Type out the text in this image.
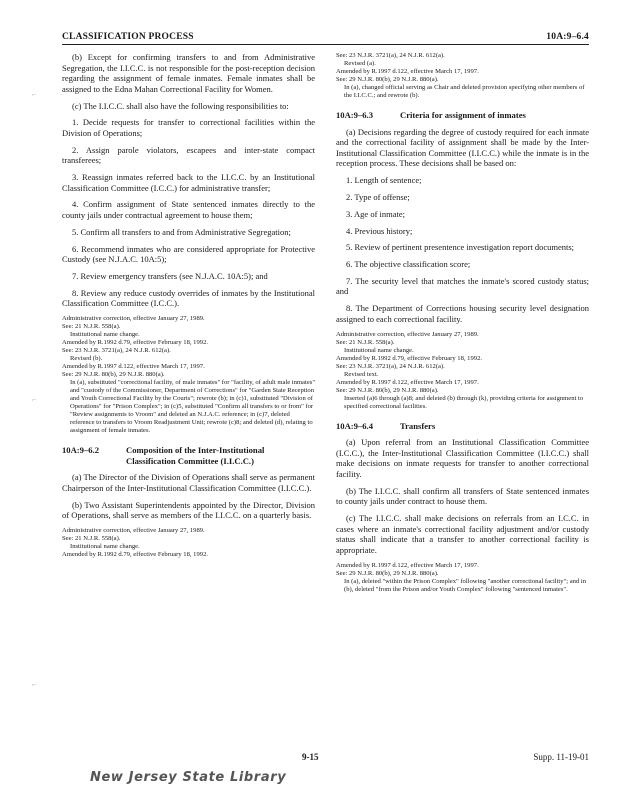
CLASSIFICATION PROCESS	10A:9–6.4

(b) Except for confirming transfers to and from Administrative Segregation, the I.I.C.C. is not responsible for the post-reception decision regarding the assignment of female inmates. Female inmates shall be assigned to the Edna Mahan Correctional Facility for Women.

(c) The I.I.C.C. shall also have the following responsibilities to:

1. Decide requests for transfer to correctional facilities within the Division of Operations;

2. Assign parole violators, escapees and inter-state compact transferees;

3. Reassign inmates referred back to the I.I.C.C. by an Institutional Classification Committee (I.C.C.) for administrative transfer;

4. Confirm assignment of State sentenced inmates directly to the county jails under contractual agreement to house them;

5. Confirm all transfers to and from Administrative Segregation;

6. Recommend inmates who are considered appropriate for Protective Custody (see N.J.A.C. 10A:5);

7. Review emergency transfers (see N.J.A.C. 10A:5); and

8. Review any reduce custody overrides of inmates by the Institutional Classification Committee (I.C.C.).

Administrative correction, effective January 27, 1989.

See: 21 N.J.R. 558(a).

Institutional name change.

Amended by R.1992 d.79, effective February 18, 1992.

See: 23 N.J.R. 3721(a), 24 N.J.R. 612(a).

Revised (b).

Amended by R.1997 d.122, effective March 17, 1997.

See: 29 N.J.R. 80(b), 29 N.J.R. 880(a).

In (a), substituted "correctional facility, of male inmates" for "facility, of adult male inmates" and "custody of the Commissioner, Department of Corrections" for "Garden State Reception and Youth Correctional Facility by the Courts"; rewrote (b); in (c)1, substituted "Division of Operations" for "Prison Complex"; in (c)5, substituted "Confirm all transfers to or from" for "Review assignments to Vroom" and deleted an N.J.A.C. reference; in (c)7, deleted reference to transfers to Vroom Readjustment Unit; rewrote (c)8; and deleted (d), relating to assignment of female inmates.

10A:9–6.2	Composition of the Inter-Institutional
Classification Committee (I.I.C.C.)

(a) The Director of the Division of Operations shall serve as permanent Chairperson of the Inter-Institutional Classification Committee (I.I.C.C.).

(b) Two Assistant Superintendents appointed by the Director, Division of Operations, shall serve as members of the I.I.C.C. on a quarterly basis.

Administrative correction, effective January 27, 1989.

See: 21 N.J.R. 558(a).

Institutional name change.

Amended by R.1992 d.79, effective February 18, 1992.

See: 23 N.J.R. 3721(a), 24 N.J.R. 612(a).

Revised (a).

Amended by R.1997 d.122, effective March 17, 1997.

See: 29 N.J.R. 80(b), 29 N.J.R. 880(a).

In (a), changed official serving as Chair and deleted provision specifying other members of the I.I.C.C.; and rewrote (b).

10A:9–6.3	Criteria for assignment of inmates

(a) Decisions regarding the degree of custody required for each inmate and the correctional facility of assignment shall be made by the Inter-Institutional Classification Committee (I.I.C.C.) while the inmate is in the reception process. These decisions shall be based on:

1. Length of sentence;

2. Type of offense;

3. Age of inmate;

4. Previous history;

5. Review of pertinent presentence investigation report documents;

6. The objective classification score;

7. The security level that matches the inmate's scored custody status; and

8. The Department of Corrections housing security level designation assigned to each correctional facility.

Administrative correction, effective January 27, 1989.

See: 21 N.J.R. 558(a).

Institutional name change.

Amended by R.1992 d.79, effective February 18, 1992.

See: 23 N.J.R. 3721(a), 24 N.J.R. 612(a).

Revised text.

Amended by R.1997 d.122, effective March 17, 1997.

See: 29 N.J.R. 80(b), 29 N.J.R. 880(a).

Inserted (a)6 through (a)8; and deleted (b) through (k), providing criteria for assignment to specified correctional facilities.

10A:9–6.4	Transfers

(a) Upon referral from an Institutional Classification Committee (I.C.C.), the Inter-Institutional Classification Committee (I.I.C.C.) shall make decisions on inmate requests for transfer to another correctional facility.

(b) The I.I.C.C. shall confirm all transfers of State sentenced inmates to county jails under contract to house them.

(c) The I.I.C.C. shall make decisions on referrals from an I.C.C. in cases where an inmate's correctional facility adjustment and/or custody status shall indicate that a transfer to another correctional facility is appropriate.

Amended by R.1997 d.122, effective March 17, 1997.

See: 29 N.J.R. 80(b), 29 N.J.R. 880(a).

In (a), deleted "within the Prison Complex" following "another correctional facility"; and in (b), deleted "from the Prison and/or Youth Complex" following "sentenced inmates".

⌐
⌐
⌐
9-15	Supp. 11-19-01
New Jersey State Library
